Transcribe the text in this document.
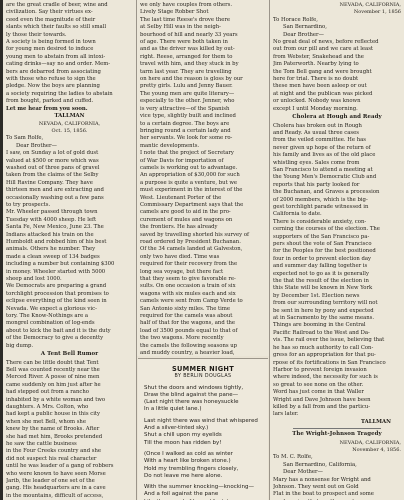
are the great cradle of beer, wine and
civilization. Say their virtues ex-
ceed even the magnitude of their
slants which their faults so still small
ly those their towards.
A society is being formed in town
for young men desired to induce
young men to abstain from all intoxi-
cating drinks—say no and order. Mem-
bers are debarred from associating
with those who refuse to sign the
pledge. Now the boys are planning
a society requiring the ladies to abstain
from bought, parked and cuffed.
Let me hear from you soon.
TALLMAN
NEVADA, CALIFORNIA,
Oct. 15, 1856.
To Sam Rolfe,
Dear Brother—
I saw, on Sunday a lot of gold dust
valued at $500 or more which was
washed out of three pans of gravel
taken from the claims of the Selby
Hill Ravine Company. They have
thirteen men and are extracting and
occasionally washing out a few pans
to try prospects.
Mr. Wheeler passed through town
Tuesday with 4000 sheep. He left
Santa Fe, New Mexico, June 23. The
Indians attacked his train on the
Humboldt and robbed him of his best
animals. Others he number. They
made a clean sweep of 134 badges
including a number but containing $300
in money. Wheeler started with 5000
sheep and lost 1000.
We Democrats are preparing a grand
torchlight procession that promises to
eclipse everything of the kind seen in
Nevada. We expect a glorious vic-
tory. The Know-Nothings are a
mongrel combination of log-ends
about to kick the bait and it is the duty
of the Democracy to give a decentty
big dump.
A Tent Bell Rumor
There can be little doubt that Tent
Bell was counted recently near the
Merced River. A posse of nine men
came suddenly on him just after he
had stepped out from a rancho
inhabited by a white woman and two
daughters. A Mrs. Colton, who
had kept a public house in this city
when she met Bell, whom she
knew by the name of Brooks. After
she had met him, Brooks pretended
he saw the cattle business
in the Four Creeks country and she
did not suspect his real character
until he was leader of a gang of robbers
who were known to have seen Morse
Jarib, the leader of one set of the
gang. His headquarters are in a cave
in the mountains, difficult of access,
we only have couples from others.
Lively Stage Robber Shot
The last time Reese's drove there
at Selby Hill was in the neigh-
bourhood of hill and nearly 33 years
of age. There were both taken in
and as the driver was killed by out-
right. Reese, arranged for them to
travel with him, and they stuck in by
tarm last year. They are travelling
on here and the reason is gloss by our
pretty girls. Lulu and Jenny Bauer.
The young men are quite literary—
especially to the other. Jenner, who
is very attractive—of the Spanish
vice type, slightly built and inclined
to a certain degree. The boys are
bringing round a certain lady and
her servants. We look for some ro-
mantic developments.
I note that the project of Secretary
of War Davis for importation of
camels is working out to advantage.
An appropriation of $30,000 for such
a purpose is quite a venture, but we
must experiment in the interest of the
West. Lieutenant Porter of the
Commissary Department says that the
camels are good to aid in the pro-
curement of mules and wagons on
the frontiers. He has already
saved by travelling shorted his survey of
road ordered by President Buchanan.
Of the 34 camels landed at Galveston,
only two have died. Time was
required for their recovery from the
long sea voyage, but there fact
that they seem to give favorable re-
sults. On one occasion a train of six
wagons with six mules each and six
camels were sent from Camp Verde to
San Antonio sixty miles. The time
required for the camels was about
half of that for the wagons, and the
load of 3500 pounds equal to that of
the two wagons. More recently
the camels the following seasons up
and muddy country, a heavier load,
SUMMER NIGHT
BY BERLIN DOUGLAS
Shut the doors and windows tightly,
Draw the blind against the pane—
(Last night there was honeysuckle
In a little quiet lane.)
Last night there was wind that whispered
And a silver-tinted sky.)
Shut a chill upon my eyelids
Till the moon has ridden by!
(Once I walked as cold as winter
With a heart like broken stone.)
Hold my trembling fingers closely,
Do not leave me here alone.
With the summer knocking—knocking—
And a foil against the pane
NEVADA, CALIFORNIA,
November 1, 1856
To Horace Rolfe,
San Bernardino,
Dear Brother—
No great deal of news, before reflected
out from our pill and we care at least
from Webster, Snakehead and the
Jim Paterworth. Nearby lying to
the Tom Bell gang and were brought
here for trial. There is no doubt
these men have been asleep or out
at night and the publican was picked
or unlocked. Nobody was known
except I until Monday morning.
Cholera at Hough and Ready
Cholera has broken out in Rough
and Ready. As usual three cases
from the veiled committee. He has
never given up hope of the return of
his family and lives as of the old place
whistling eyes. Sales come from
San Francisco to attend a meeting at
the Young Men's Democratic Club and
reports that his party looked for
the Buchanan, and Graves a procession
of 2000 members, which is the big-
gest torchlight parade witnessed in
California to date.
There is considerable anxiety, con-
cerning the courses of the election. The
supporters of the San Francisco pa-
pers shout the vote of San Francisco
for the Peoples for the best positioned
four in order to prevent election day
and summer day falling together is
expected not to go as it is generally
the that the result of the election in
this State will be known in New York
by December 1st. Election news
from our surrounding territory will not
be sent in here by pony and expected
at in Sacramento by the same means.
Things are booming in the Central
Pacific Railroad to the West and Da-
vis. The rail over the issue, believing that
he has so much authority to call Con-
gress for an appropriation for that pu-
rpose of its fortifications in San Francisco
Harbor to prevent foreign invasion
where indeed, the necessity for such is
so great to see none on the other.
Word has just come in that Waller
Wright and Dave Johnson have been
killed by a fall from and the particu-
lars later.
TALLMAN
The Wright-Johnson Tragedy
NEVADA, CALIFORNIA,
November 4, 1856.
To M. C. Rolfe,
San Bernardino, California,
Dear Mother—
Mary has a nonsense for Wright and
Johnson. They went out on Gold
Flat in the boat to prospect and some
